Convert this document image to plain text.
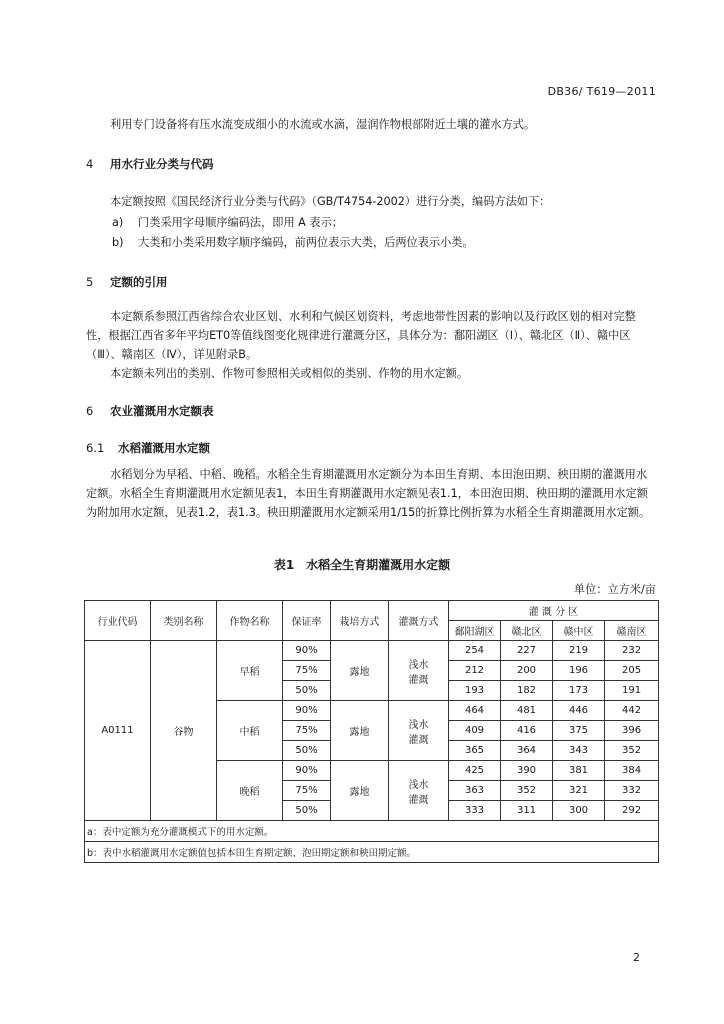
DB36/ T619—2011
利用专门设备将有压水流变成细小的水流或水滴，湿润作物根部附近土壤的灌水方式。
4 用水行业分类与代码
本定额按照《国民经济行业分类与代码》（GB/T4754-2002）进行分类，编码方法如下：
a) 门类采用字母顺序编码法，即用 A 表示；
b) 大类和小类采用数字顺序编码，前两位表示大类，后两位表示小类。
5 定额的引用
本定额系参照江西省综合农业区划、水利和气候区划资料，考虑地带性因素的影响以及行政区划的相对完整性，根据江西省多年平均ET0等值线图变化规律进行灌溉分区，具体分为：鄱阳湖区（Ⅰ）、赣北区（Ⅱ）、赣中区（Ⅲ）、赣南区（Ⅳ），详见附录B。
本定额未列出的类别、作物可参照相关或相似的类别、作物的用水定额。
6 农业灌溉用水定额表
6.1 水稻灌溉用水定额
水稻划分为早稻、中稻、晚稻。水稻全生育期灌溉用水定额分为本田生育期、本田泡田期、秧田期的灌溉用水定额。水稻全生育期灌溉用水定额见表1，本田生育期灌溉用水定额见表1.1，本田泡田期、秧田期的灌溉用水定额为附加用水定额，见表1.2，表1.3。秧田期灌溉用水定额采用1/15的折算比例折算为水稻全生育期灌溉用水定额。
表1　水稻全生育期灌溉用水定额
单位：立方米/亩
行业代码	类别名称	作物名称	保证率	栽培方式	灌溉方式	灌 溉 分 区			
						鄱阳湖区	赣北区	赣中区	赣南区
A0111	谷物	早稻	90%	露地	浅水灌溉	254	227	219	232
			75%			212	200	196	205
			50%			193	182	173	191
		中稻	90%	露地	浅水灌溉	464	481	446	442
			75%			409	416	375	396
			50%			365	364	343	352
		晚稻	90%	露地	浅水灌溉	425	390	381	384
			75%			363	352	321	332
			50%			333	311	300	292
a：表中定额为充分灌溉模式下的用水定额。									
b：表中水稻灌溉用水定额值包括本田生育期定额、泡田期定额和秧田期定额。									
2
